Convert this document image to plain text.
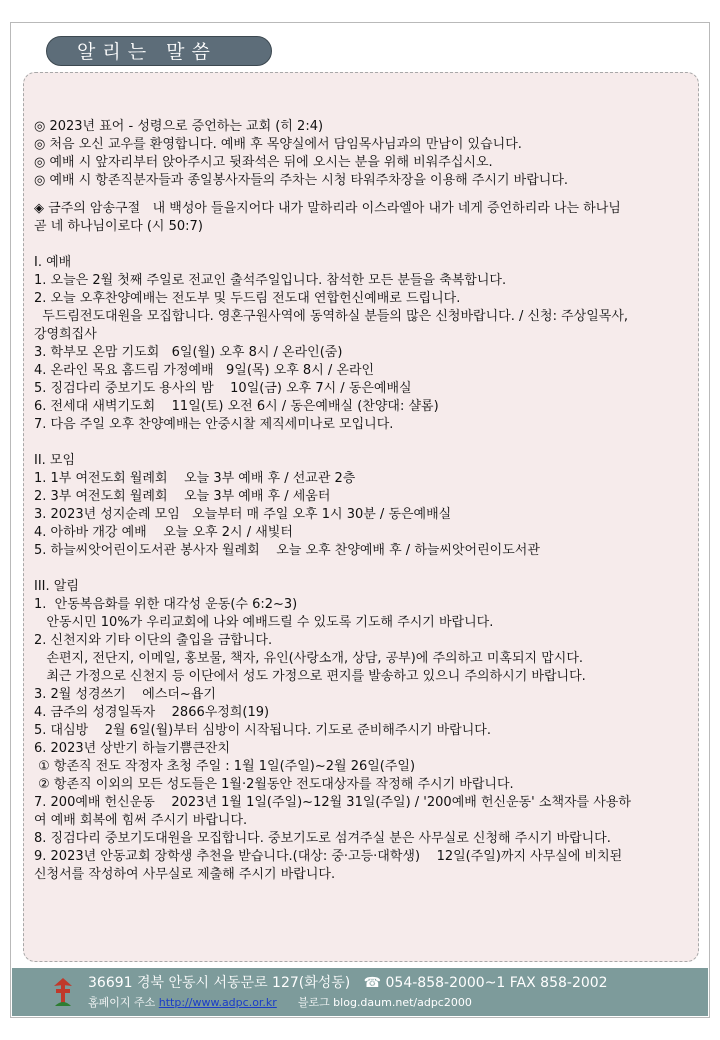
알리는 말씀

◎ 2023년 표어 - 성령으로 증언하는 교회 (히 2:4)

◎ 처음 오신 교우를 환영합니다. 예배 후 목양실에서 담임목사님과의 만남이 있습니다.

◎ 예배 시 앞자리부터 앉아주시고 뒷좌석은 뒤에 오시는 분을 위해 비워주십시오.

◎ 예배 시 항존직분자들과 종일봉사자들의 주차는 시청 타워주차장을 이용해 주시기 바랍니다.

◈ 금주의 암송구절   내 백성아 들을지어다 내가 말하리라 이스라엘아 내가 네게 증언하리라 나는 하나님
곧 네 하나님이로다 (시 50:7)

I. 예배

1. 오늘은 2월 첫째 주일로 전교인 출석주일입니다. 참석한 모든 분들을 축복합니다.

2. 오늘 오후찬양예배는 전도부 및 두드림 전도대 연합헌신예배로 드립니다.

두드림전도대원을 모집합니다. 영혼구원사역에 동역하실 분들의 많은 신청바랍니다. / 신청: 주상일목사,
강영희집사

3. 학부모 온맘 기도회   6일(월) 오후 8시 / 온라인(줌)

4. 온라인 목요 홈드림 가정예배   9일(목) 오후 8시 / 온라인

5. 징검다리 중보기도 용사의 밤    10일(금) 오후 7시 / 동은예배실

6. 전세대 새벽기도회    11일(토) 오전 6시 / 동은예배실 (찬양대: 샬롬)

7. 다음 주일 오후 찬양예배는 안중시찰 제직세미나로 모입니다.

II. 모임

1. 1부 여전도회 월례회    오늘 3부 예배 후 / 선교관 2층

2. 3부 여전도회 월례회    오늘 3부 예배 후 / 세움터

3. 2023년 성지순례 모임   오늘부터 매 주일 오후 1시 30분 / 동은예배실

4. 아하바 개강 예배    오늘 오후 2시 / 새빛터

5. 하늘씨앗어린이도서관 봉사자 월례회    오늘 오후 찬양예배 후 / 하늘씨앗어린이도서관

III. 알림

1.  안동복음화를 위한 대각성 운동(수 6:2~3)

안동시민 10%가 우리교회에 나와 예배드릴 수 있도록 기도해 주시기 바랍니다.

2. 신천지와 기타 이단의 출입을 금합니다.

손편지, 전단지, 이메일, 홍보물, 책자, 유인(사랑소개, 상담, 공부)에 주의하고 미혹되지 맙시다.

최근 가정으로 신천지 등 이단에서 성도 가정으로 편지를 발송하고 있으니 주의하시기 바랍니다.

3. 2월 성경쓰기    에스더~욥기

4. 금주의 성경일독자    2866우정희(19)

5. 대심방    2월 6일(월)부터 심방이 시작됩니다. 기도로 준비해주시기 바랍니다.

6. 2023년 상반기 하늘기쁨큰잔치

① 항존직 전도 작정자 초청 주일 : 1월 1일(주일)~2월 26일(주일)

② 항존직 이외의 모든 성도들은 1월·2월동안 전도대상자를 작정해 주시기 바랍니다.

7. 200예배 헌신운동    2023년 1월 1일(주일)~12월 31일(주일) / '200예배 헌신운동' 소책자를 사용하
여 예배 회복에 힘써 주시기 바랍니다.

8. 징검다리 중보기도대원을 모집합니다. 중보기도로 섬겨주실 분은 사무실로 신청해 주시기 바랍니다.

9. 2023년 안동교회 장학생 추천을 받습니다.(대상: 중·고등·대학생)    12일(주일)까지 사무실에 비치된
신청서를 작성하여 사무실로 제출해 주시기 바랍니다.

36691 경북 안동시 서동문로 127(화성동) ☎ 054-858-2000~1 FAX 858-2002
홈페이지 주소 http://www.adpc.or.kr 블로그 blog.daum.net/adpc2000
